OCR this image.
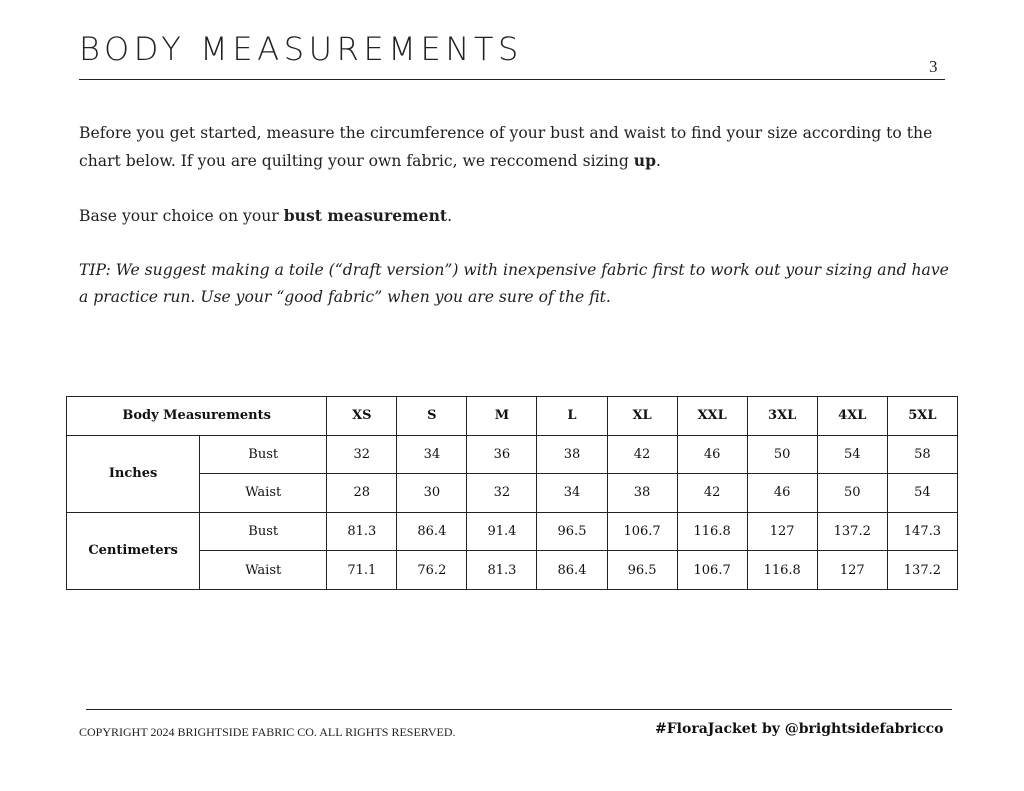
BODY MEASUREMENTS	3

Before you get started, measure the circumference of your bust and waist to find your size according to the chart below. If you are quilting your own fabric, we reccomend sizing up.

Base your choice on your bust measurement.

TIP: We suggest making a toile (“draft version”) with inexpensive fabric first to work out your sizing and have a practice run. Use your “good fabric” when you are sure of the fit.

Body Measurements		XS	S	M	L	XL	XXL	3XL	4XL	5XL
Inches	Bust	32	34	36	38	42	46	50	54	58
	Waist	28	30	32	34	38	42	46	50	54
Centimeters	Bust	81.3	86.4	91.4	96.5	106.7	116.8	127	137.2	147.3
	Waist	71.1	76.2	81.3	86.4	96.5	106.7	116.8	127	137.2
COPYRIGHT 2024 BRIGHTSIDE FABRIC CO. ALL RIGHTS RESERVED.	#FloraJacket by @brightsidefabricco
